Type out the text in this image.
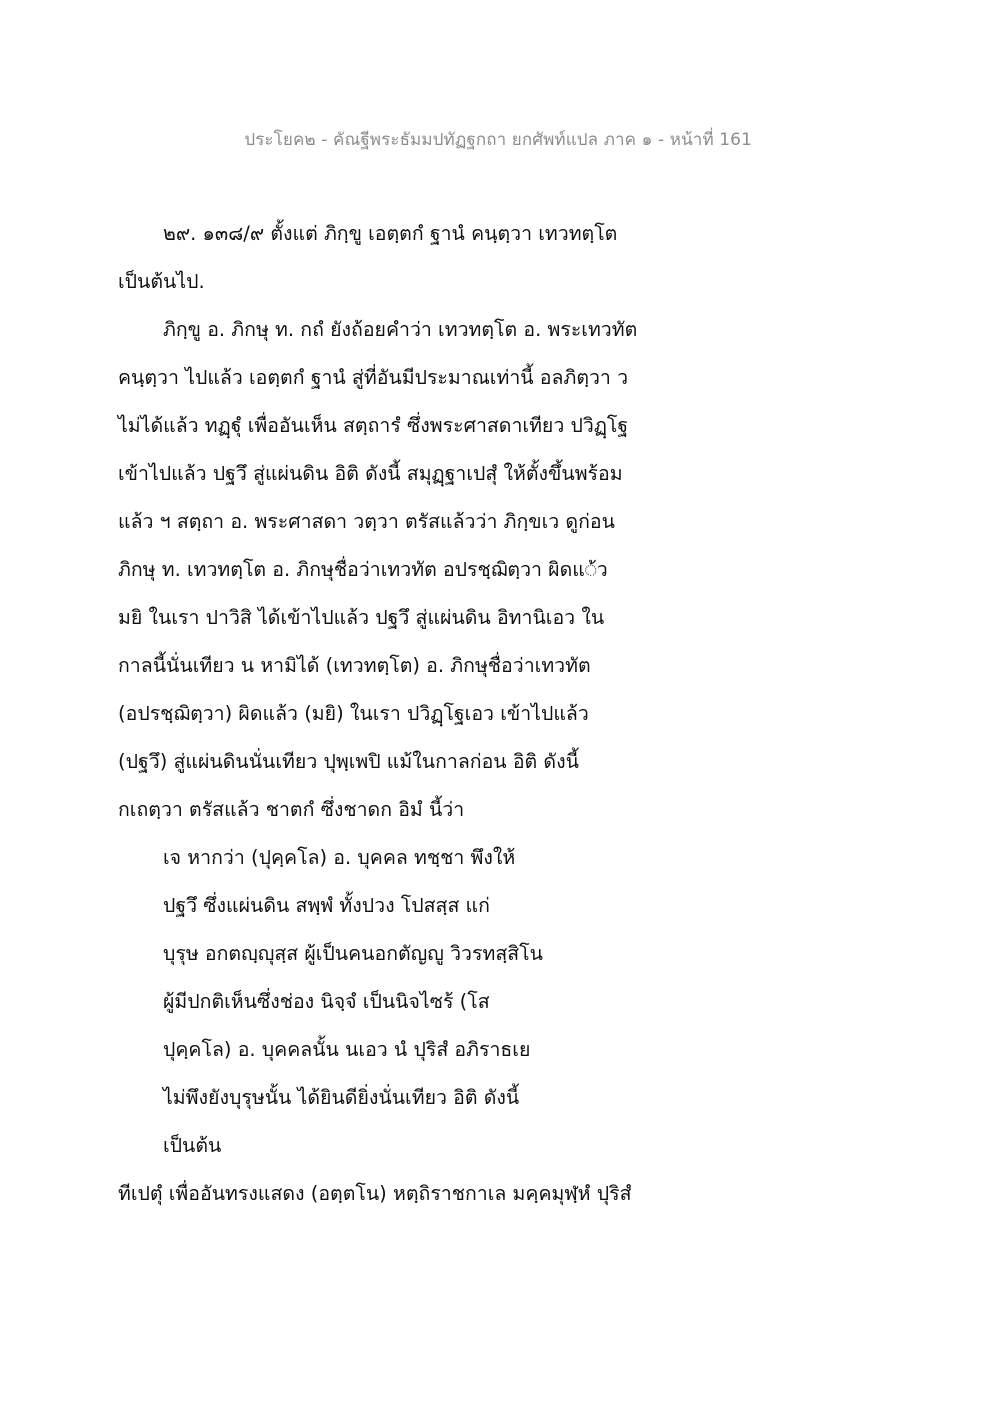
ประโยค๒ - คัณฐีพระธัมมปทัฏฐกถา ยกศัพท์แปล ภาค ๑ - หน้าที่ 161
๒๙. ๑๓๘/๙ ตั้งแต่ ภิกฺขู เอตฺตกํ ฐานํ คนฺตฺวา เทวทตฺโต
เป็นต้นไป.
ภิกฺขู อ. ภิกษุ ท. กถํ ยังถ้อยคำว่า เทวทตฺโต อ. พระเทวทัต
คนฺตฺวา ไปแล้ว เอตฺตกํ ฐานํ สู่ที่อันมีประมาณเท่านี้ อลภิตฺวา ว
ไม่ได้แล้ว ทฏฺฐุํ เพื่ออันเห็น สตฺถารํ ซึ่งพระศาสดาเทียว ปวิฏฺโฐ
เข้าไปแล้ว ปฐวึ สู่แผ่นดิน อิติ ดังนี้ สมุฏฺฐาเปสุํ ให้ตั้งขึ้นพร้อม
แล้ว ฯ สตฺถา อ. พระศาสดา วตฺวา ตรัสแล้วว่า ภิกฺขเว ดูก่อน
ภิกษุ ท. เทวทตฺโต อ. ภิกษุชื่อว่าเทวทัต อปรชฺฌิตฺวา ผิดแ◌้ว
มยิ ในเรา ปาวิสิ ได้เข้าไปแล้ว ปฐวึ สู่แผ่นดิน อิทานิเอว ใน
กาลนี้นั่นเทียว น หามิได้ (เทวทตฺโต) อ. ภิกษุชื่อว่าเทวทัต
(อปรชฺฌิตฺวา) ผิดแล้ว (มยิ) ในเรา ปวิฏฺโฐเอว เข้าไปแล้ว
(ปฐวึ) สู่แผ่นดินนั่นเทียว ปุพฺเพปิ แม้ในกาลก่อน อิติ ดังนี้
กเถตฺวา ตรัสแล้ว ชาตกํ ซึ่งชาดก อิมํ นี้ว่า
เจ หากว่า (ปุคฺคโล) อ. บุคคล ทชฺชา พึงให้
ปฐวึ ซึ่งแผ่นดิน สพฺพํ ทั้งปวง โปสสฺส แก่
บุรุษ อกตญฺญุสฺส ผู้เป็นคนอกตัญญู วิวรทสฺสิโน
ผู้มีปกติเห็นซึ่งช่อง นิจฺจํ เป็นนิจไซร้ (โส
ปุคฺคโล) อ. บุคคลนั้น นเอว นํ ปุริสํ อภิราธเย
ไม่พึงยังบุรุษนั้น ได้ยินดียิ่งนั่นเทียว อิติ ดังนี้
เป็นต้น
ทีเปตุํ เพื่ออันทรงแสดง (อตฺตโน) หตฺถิราชกาเล มคฺคมุฬฺหํ ปุริสํ
